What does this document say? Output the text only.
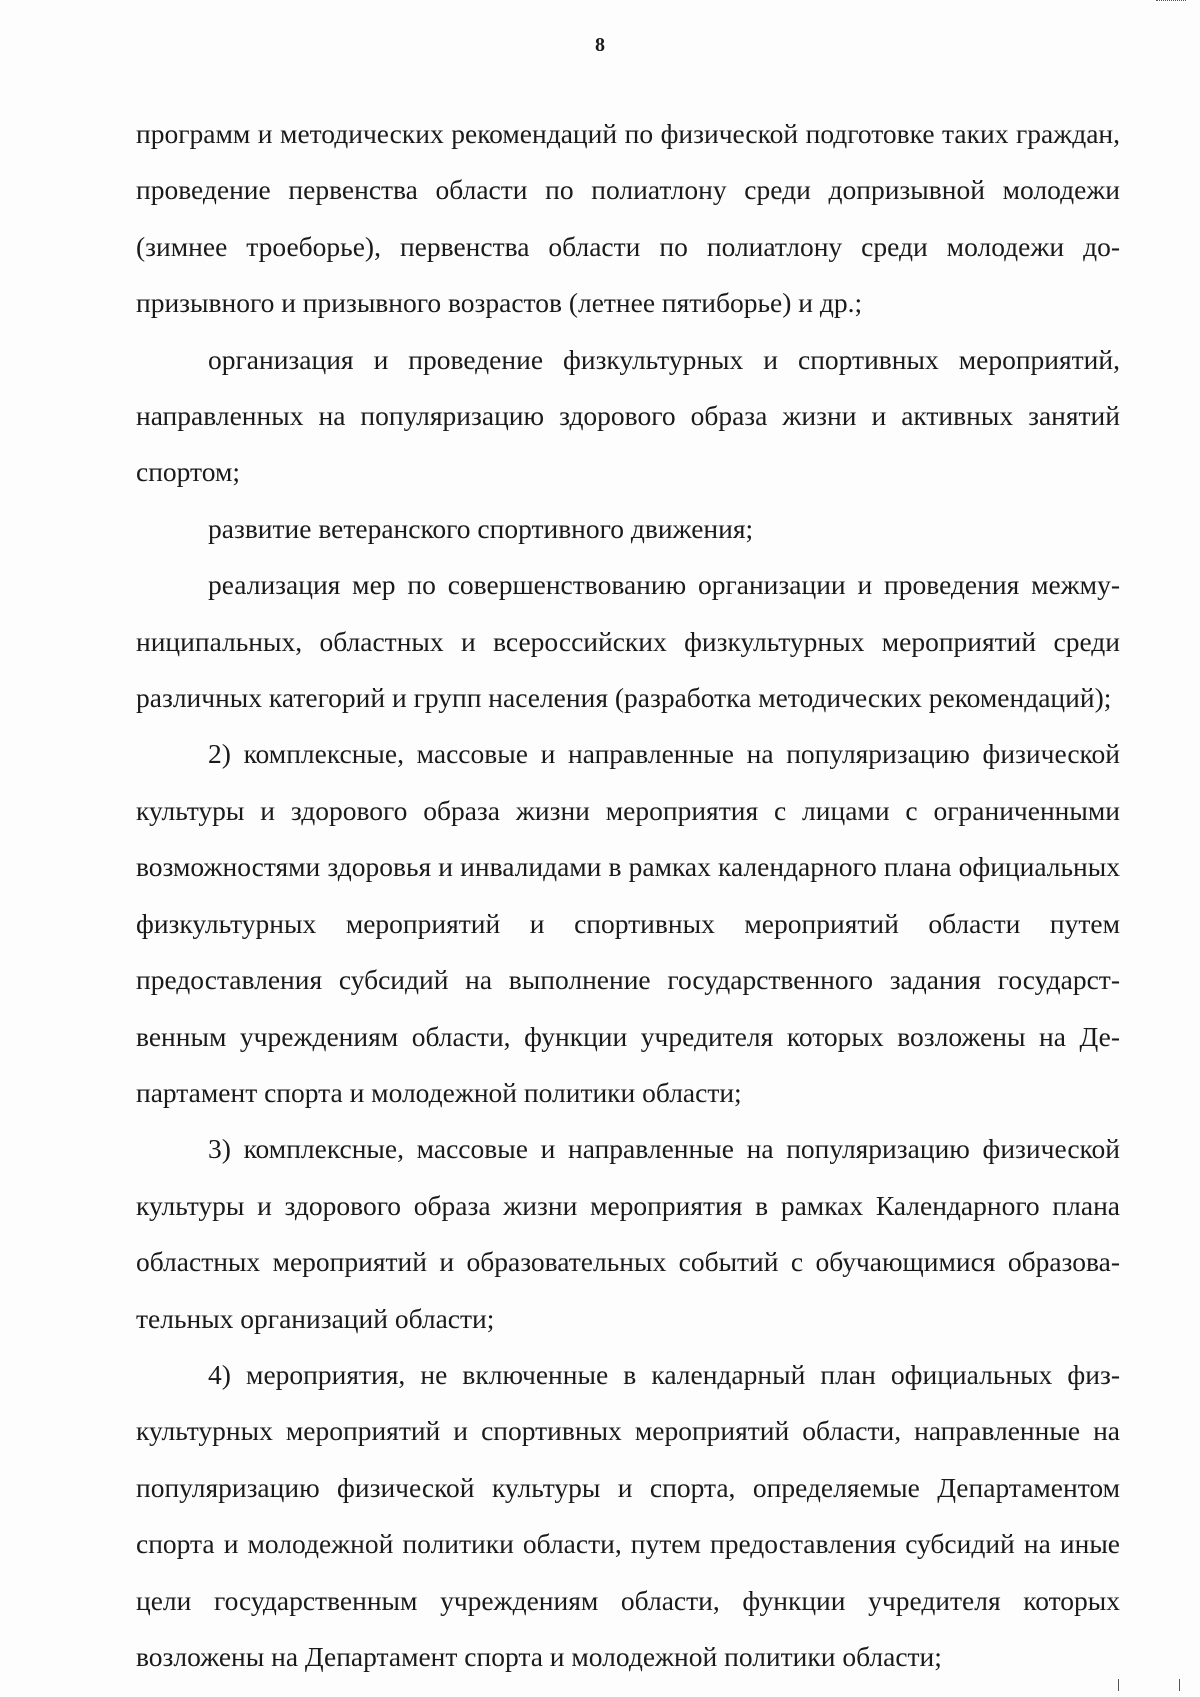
8

программ и методических рекомендаций по физической подготовке таких граждан, проведение первенства области по полиатлону среди допризывной молодежи (зимнее троеборье), первенства области по полиатлону среди молодежи допризывного и призывного возрастов (летнее пятиборье) и др.;

организация и проведение физкультурных и спортивных мероприятий, направленных на популяризацию здорового образа жизни и активных занятий спортом;

развитие ветеранского спортивного движения;

реализация мер по совершенствованию организации и проведения межмуниципальных, областных и всероссийских физкультурных мероприятий среди различных категорий и групп населения (разработка методических рекомендаций);

2) комплексные, массовые и направленные на популяризацию физической культуры и здорового образа жизни мероприятия с лицами с ограниченными возможностями здоровья и инвалидами в рамках календарного плана официальных физкультурных мероприятий и спортивных мероприятий области путем предоставления субсидий на выполнение государственного задания государственным учреждениям области, функции учредителя которых возложены на Департамент спорта и молодежной политики области;

3) комплексные, массовые и направленные на популяризацию физической культуры и здорового образа жизни мероприятия в рамках Календарного плана областных мероприятий и образовательных событий с обучающимися образовательных организаций области;

4) мероприятия, не включенные в календарный план официальных физкультурных мероприятий и спортивных мероприятий области, направленные на популяризацию физической культуры и спорта, определяемые Департаментом спорта и молодежной политики области, путем предоставления субсидий на иные цели государственным учреждениям области, функции учредителя которых возложены на Департамент спорта и молодежной политики области;
